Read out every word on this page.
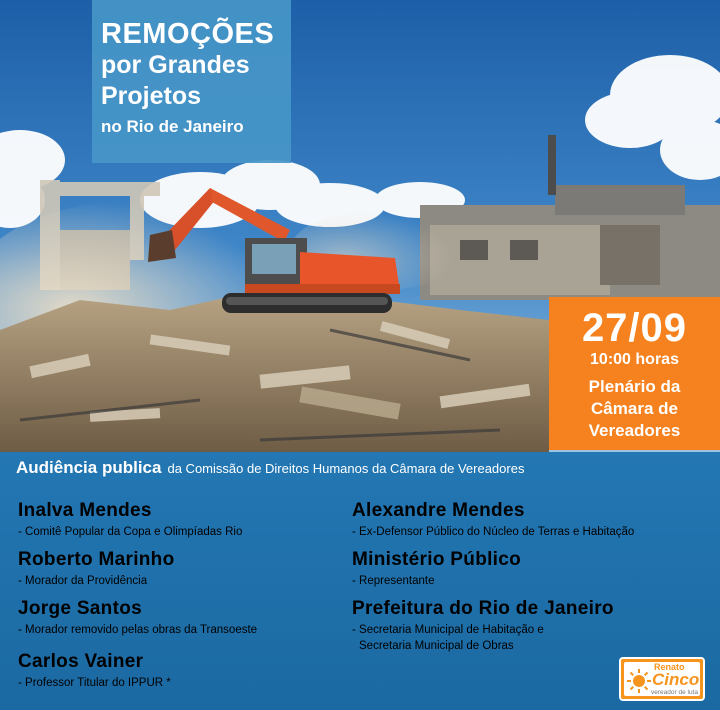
REMOÇÕES
por Grandes
Projetos
no Rio de Janeiro
27/09
10:00 horas
Plenário da
Câmara de
Vereadores
Audiência publica da Comissão de Direitos Humanos da Câmara de Vereadores
Inalva Mendes
- Comitê Popular da Copa e Olimpíadas Rio
Roberto Marinho
- Morador da Providência
Jorge Santos
- Morador removido pelas obras da Transoeste
Carlos Vainer
- Professor Titular do IPPUR *
Alexandre Mendes
- Ex-Defensor Público do Núcleo de Terras e Habitação
Ministério Público
- Representante
Prefeitura do Rio de Janeiro
- Secretaria Municipal de Habitação e
Secretaria Municipal de Obras
Renato
Cinco
vereador de luta
